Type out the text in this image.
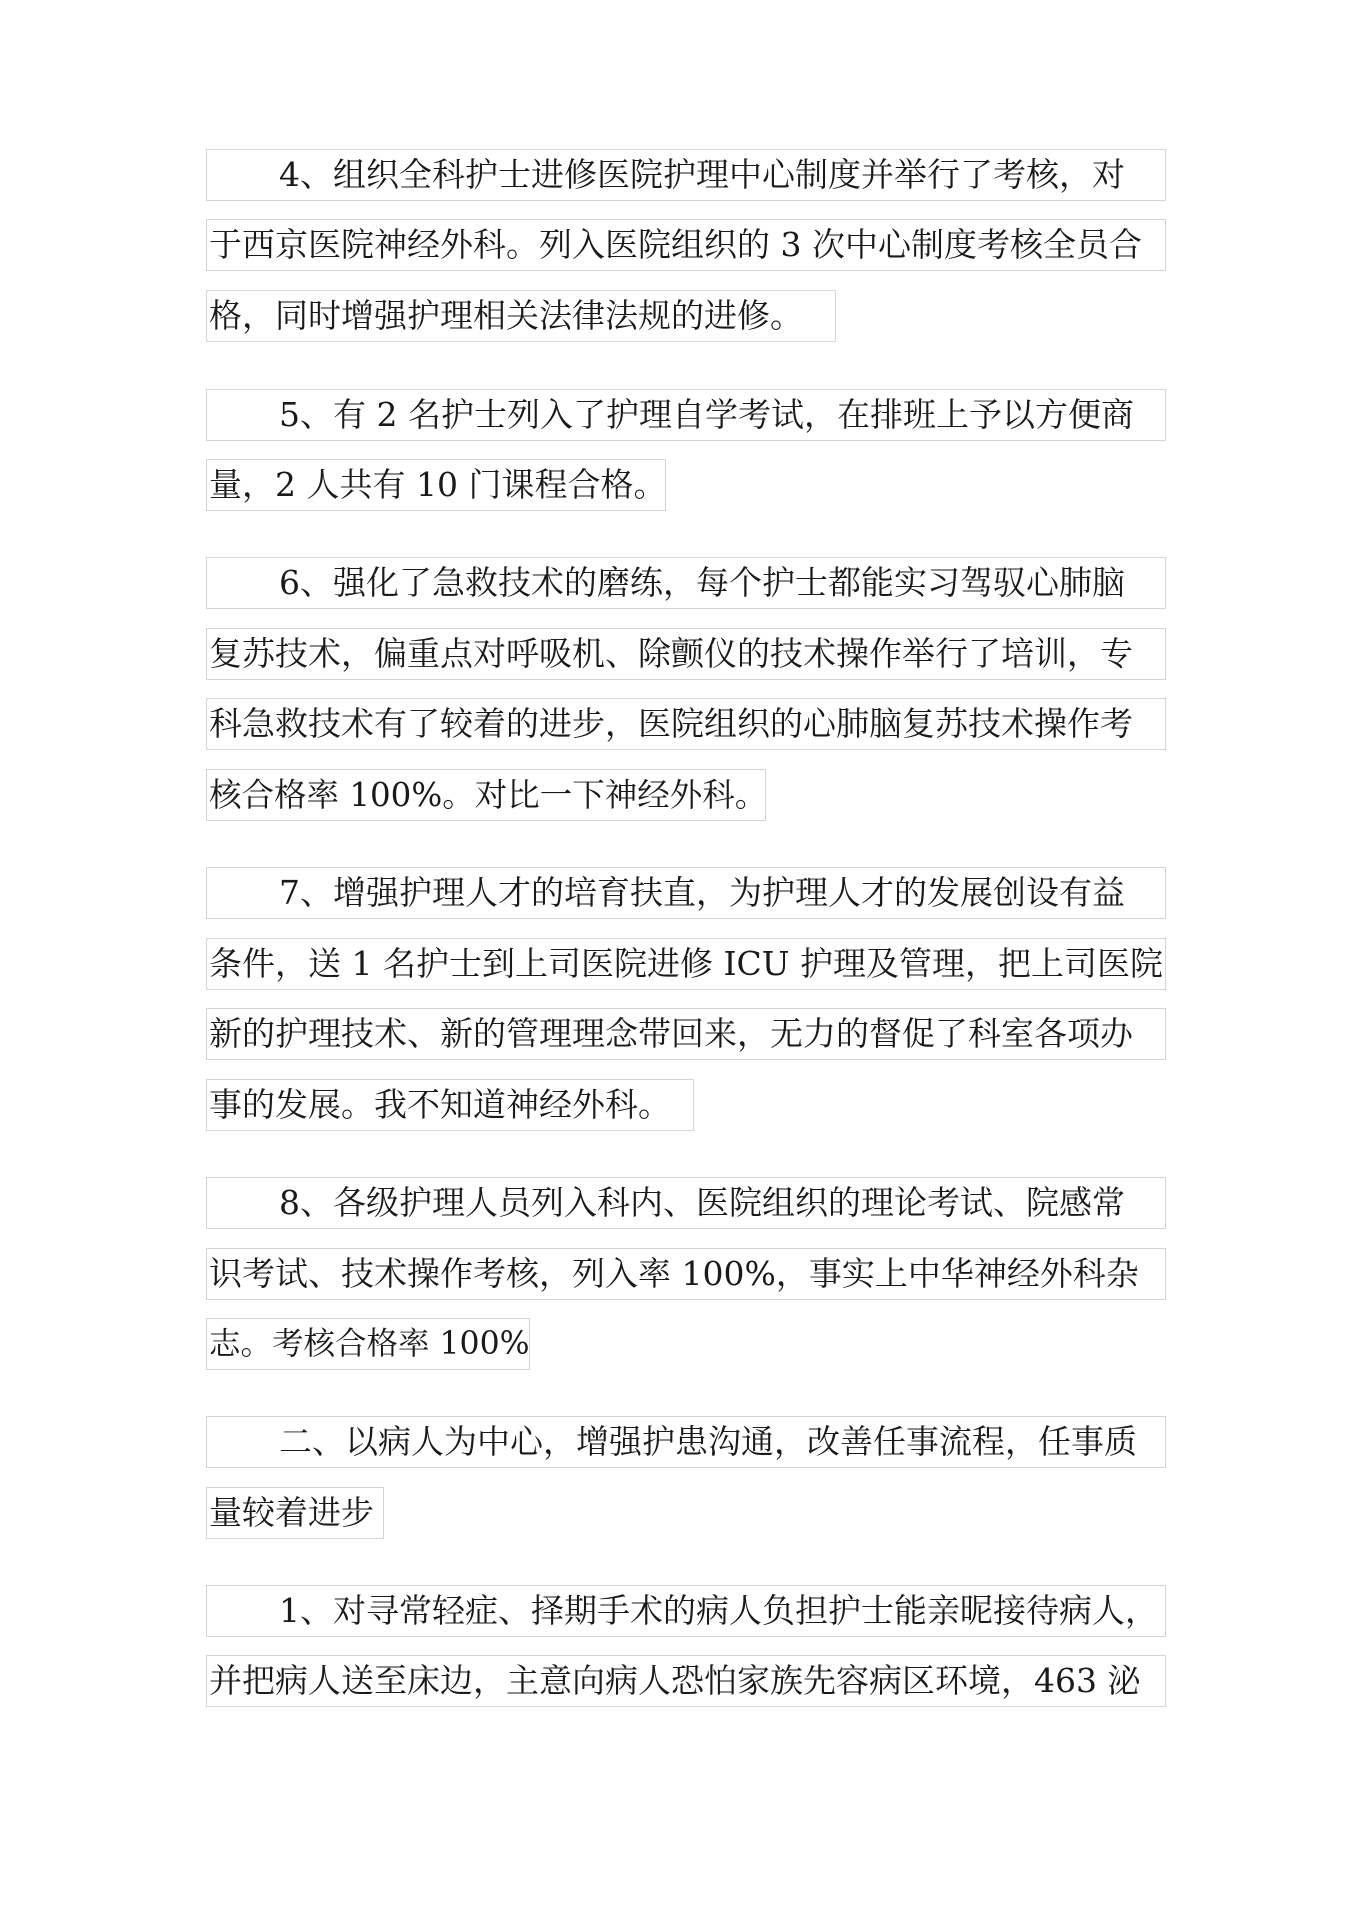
4、组织全科护士进修医院护理中心制度并举行了考核，对
于西京医院神经外科。列入医院组织的 3 次中心制度考核全员合
格，同时增强护理相关法律法规的进修。
5、有 2 名护士列入了护理自学考试，在排班上予以方便商
量，2 人共有 10 门课程合格。
6、强化了急救技术的磨练，每个护士都能实习驾驭心肺脑
复苏技术，偏重点对呼吸机、除颤仪的技术操作举行了培训，专
科急救技术有了较着的进步，医院组织的心肺脑复苏技术操作考
核合格率 100%。对比一下神经外科。
7、增强护理人才的培育扶直，为护理人才的发展创设有益
条件，送 1 名护士到上司医院进修 ICU 护理及管理，把上司医院
新的护理技术、新的管理理念带回来，无力的督促了科室各项办
事的发展。我不知道神经外科。
8、各级护理人员列入科内、医院组织的理论考试、院感常
识考试、技术操作考核，列入率 100%，事实上中华神经外科杂
志。考核合格率 100%
二、以病人为中心，增强护患沟通，改善任事流程，任事质
量较着进步
1、对寻常轻症、择期手术的病人负担护士能亲昵接待病人，
并把病人送至床边，主意向病人恐怕家族先容病区环境，463 泌
